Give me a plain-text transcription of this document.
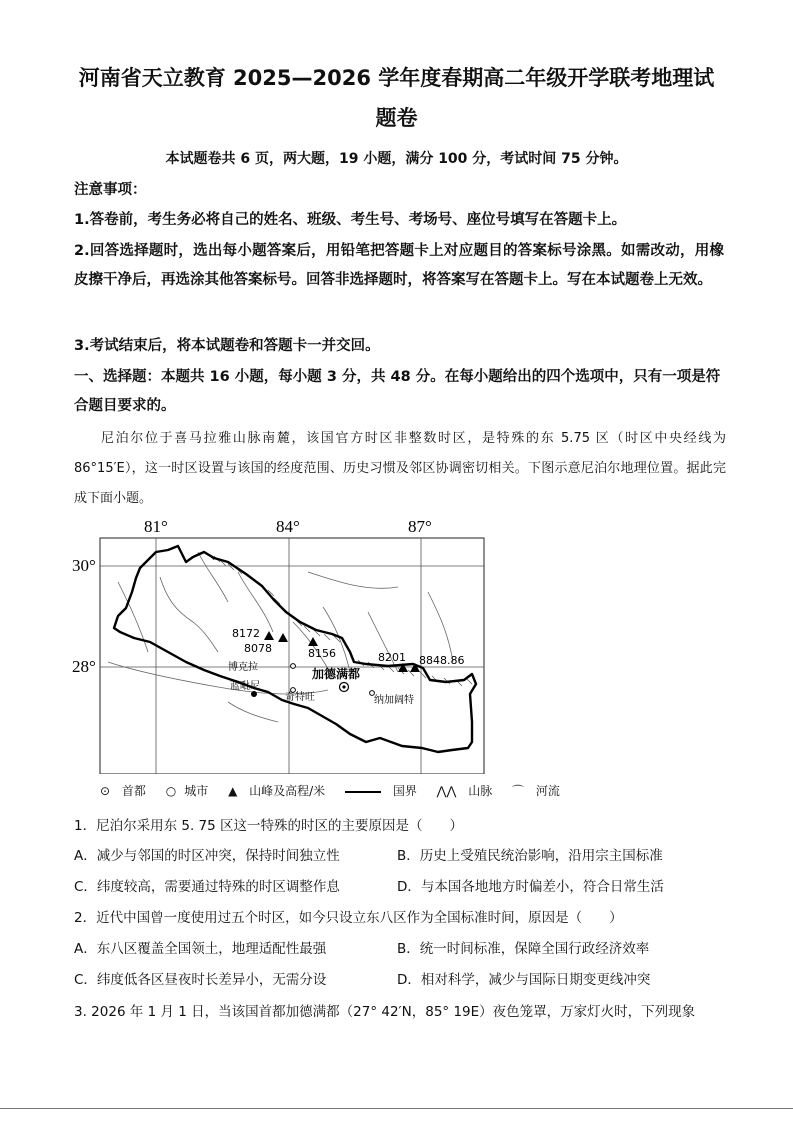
河南省天立教育 2025—2026 学年度春期高二年级开学联考地理试
题卷
本试题卷共 6 页，两大题，19 小题，满分 100 分，考试时间 75 分钟。
注意事项：
1.答卷前，考生务必将自己的姓名、班级、考生号、考场号、座位号填写在答题卡上。
2.回答选择题时，选出每小题答案后，用铅笔把答题卡上对应题目的答案标号涂黑。如需改动，用橡皮擦干净后，再选涂其他答案标号。回答非选择题时，将答案写在答题卡上。写在本试题卷上无效。
3.考试结束后，将本试题卷和答题卡一并交回。
一、选择题：本题共 16 小题，每小题 3 分，共 48 分。在每小题给出的四个选项中，只有一项是符合题目要求的。
尼泊尔位于喜马拉雅山脉南麓，该国官方时区非整数时区，是特殊的东 5.75 区（时区中央经线为 86°15′E），这一时区设置与该国的经度范围、历史习惯及邻区协调密切相关。下图示意尼泊尔地理位置。据此完成下面小题。
81°	84°	87°
30°
28°
8172
8078	8156	8201 8848.86
加德满都
博克拉
蓝毗尼
奇特旺	纳加阔特
⊙ 首都 ○ 城市 ▲ 山峰及高程/米	国界 ⋀⋀ 山脉 ⌒ 河流
1．尼泊尔采用东 5. 75 区这一特殊的时区的主要原因是（　　）
A．减少与邻国的时区冲突，保持时间独立性	B．历史上受殖民统治影响，沿用宗主国标准
C．纬度较高，需要通过特殊的时区调整作息	D．与本国各地地方时偏差小，符合日常生活
2．近代中国曾一度使用过五个时区，如今只设立东八区作为全国标准时间，原因是（　　）
A．东八区覆盖全国领土，地理适配性最强	B．统一时间标准，保障全国行政经济效率
C．纬度低各区昼夜时长差异小，无需分设	D．相对科学，减少与国际日期变更线冲突
3. 2026 年 1 月 1 日，当该国首都加德满都（27° 42′N，85° 19E）夜色笼罩，万家灯火时，下列现象
